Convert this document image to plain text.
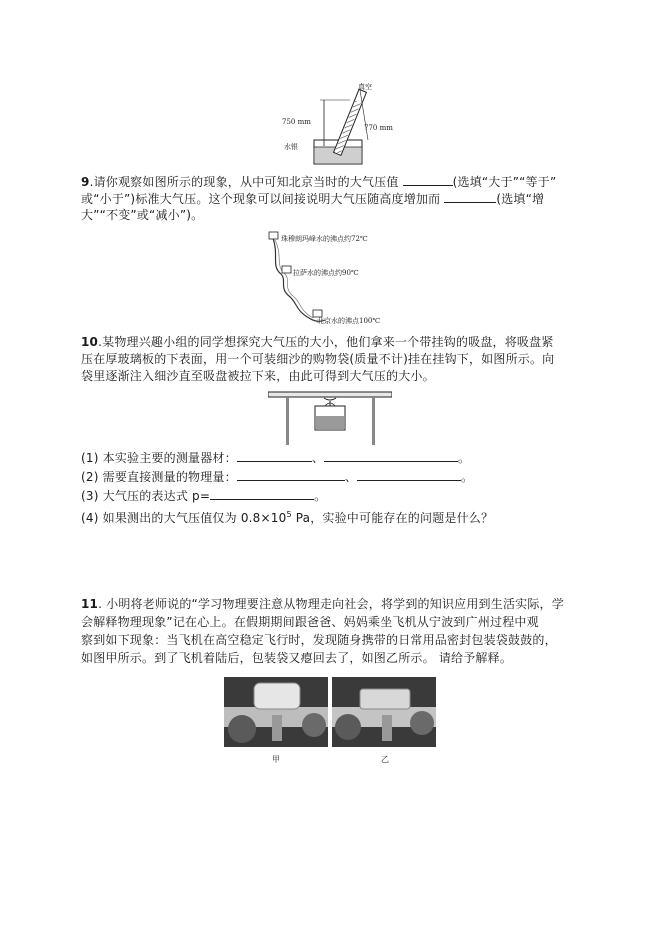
真空
750 mm
770 mm
水银
9.请你观察如图所示的现象，从中可知北京当时的大气压值	(选填“大于”“等于”
或“小于”)标准大气压。这个现象可以间接说明大气压随高度增加而	(选填“增
大”“不变”或“减小”)。
珠穆朗玛峰水的沸点约72℃
拉萨水的沸点约90℃
北京水的沸点100℃
10.某物理兴趣小组的同学想探究大气压的大小，他们拿来一个带挂钩的吸盘，将吸盘紧
压在厚玻璃板的下表面，用一个可装细沙的购物袋(质量不计)挂在挂钩下，如图所示。向
袋里逐渐注入细沙直至吸盘被拉下来，由此可得到大气压的大小。
(1) 本实验主要的测量器材：	、	。
(2) 需要直接测量的物理量：	、	。
(3) 大气压的表达式 p=	。
(4) 如果测出的大气压值仅为 $0.8\times 10^5$ Pa，实验中可能存在的问题是什么？
11. 小明将老师说的“学习物理要注意从物理走向社会，将学到的知识应用到生活实际，学
会解释物理现象”记在心上。在假期期间跟爸爸、妈妈乘坐飞机从宁波到广州过程中观
察到如下现象：当飞机在高空稳定飞行时，发现随身携带的日常用品密封包装袋鼓鼓的，
如图甲所示。到了飞机着陆后，包装袋又瘪回去了，如图乙所示。 请给予解释。
甲	乙
